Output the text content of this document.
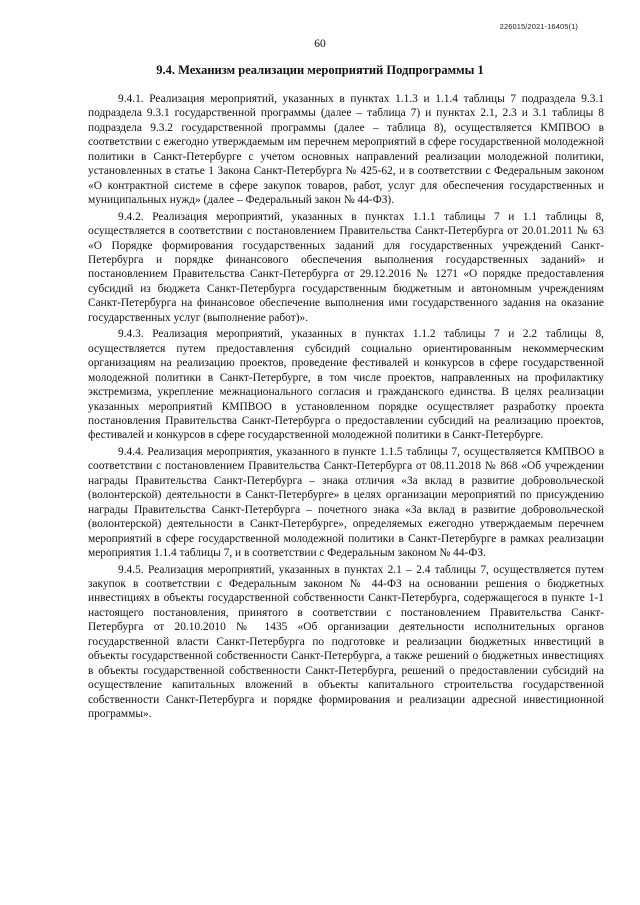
226015/2021-16405(1)
60
9.4. Механизм реализации мероприятий Подпрограммы 1

9.4.1. Реализация мероприятий, указанных в пунктах 1.1.3 и 1.1.4 таблицы 7 подраздела 9.3.1 подраздела 9.3.1 государственной программы (далее – таблица 7) и пунктах 2.1, 2.3 и 3.1 таблицы 8 подраздела 9.3.2 государственной программы (далее – таблица 8), осуществляется КМПВОО в соответствии с ежегодно утверждаемым им перечнем мероприятий в сфере государственной молодежной политики в Санкт-Петербурге с учетом основных направлений реализации молодежной политики, установленных в статье 1 Закона Санкт-Петербурга № 425-62, и в соответствии с Федеральным законом «О контрактной системе в сфере закупок товаров, работ, услуг для обеспечения государственных и муниципальных нужд» (далее – Федеральный закон № 44-ФЗ).

9.4.2. Реализация мероприятий, указанных в пунктах 1.1.1 таблицы 7 и 1.1 таблицы 8, осуществляется в соответствии с постановлением Правительства Санкт-Петербурга от 20.01.2011 № 63 «О Порядке формирования государственных заданий для государственных учреждений Санкт-Петербурга и порядке финансового обеспечения выполнения государственных заданий» и постановлением Правительства Санкт-Петербурга от 29.12.2016 № 1271 «О порядке предоставления субсидий из бюджета Санкт-Петербурга государственным бюджетным и автономным учреждениям Санкт-Петербурга на финансовое обеспечение выполнения ими государственного задания на оказание государственных услуг (выполнение работ)».

9.4.3. Реализация мероприятий, указанных в пунктах 1.1.2 таблицы 7 и 2.2 таблицы 8, осуществляется путем предоставления субсидий социально ориентированным некоммерческим организациям на реализацию проектов, проведение фестивалей и конкурсов в сфере государственной молодежной политики в Санкт-Петербурге, в том числе проектов, направленных на профилактику экстремизма, укрепление межнационального согласия и гражданского единства. В целях реализации указанных мероприятий КМПВОО в установленном порядке осуществляет разработку проекта постановления Правительства Санкт-Петербурга о предоставлении субсидий на реализацию проектов, фестивалей и конкурсов в сфере государственной молодежной политики в Санкт-Петербурге.

9.4.4. Реализация мероприятия, указанного в пункте 1.1.5 таблицы 7, осуществляется КМПВОО в соответствии с постановлением Правительства Санкт-Петербурга от 08.11.2018 № 868 «Об учреждении награды Правительства Санкт-Петербурга – знака отличия «За вклад в развитие добровольческой (волонтерской) деятельности в Санкт-Петербурге» в целях организации мероприятий по присуждению награды Правительства Санкт-Петербурга – почетного знака «За вклад в развитие добровольческой (волонтерской) деятельности в Санкт-Петербурге», определяемых ежегодно утверждаемым перечнем мероприятий в сфере государственной молодежной политики в Санкт-Петербурге в рамках реализации мероприятия 1.1.4 таблицы 7, и в соответствии с Федеральным законом № 44-ФЗ.

9.4.5. Реализация мероприятий, указанных в пунктах 2.1 – 2.4 таблицы 7, осуществляется путем закупок в соответствии с Федеральным законом № 44-ФЗ на основании решения о бюджетных инвестициях в объекты государственной собственности Санкт-Петербурга, содержащегося в пункте 1-1 настоящего постановления, принятого в соответствии с постановлением Правительства Санкт-Петербурга от 20.10.2010 № 1435 «Об организации деятельности исполнительных органов государственной власти Санкт-Петербурга по подготовке и реализации бюджетных инвестиций в объекты государственной собственности Санкт-Петербурга, а также решений о бюджетных инвестициях в объекты государственной собственности Санкт-Петербурга, решений о предоставлении субсидий на осуществление капитальных вложений в объекты капитального строительства государственной собственности Санкт-Петербурга и порядке формирования и реализации адресной инвестиционной программы».
